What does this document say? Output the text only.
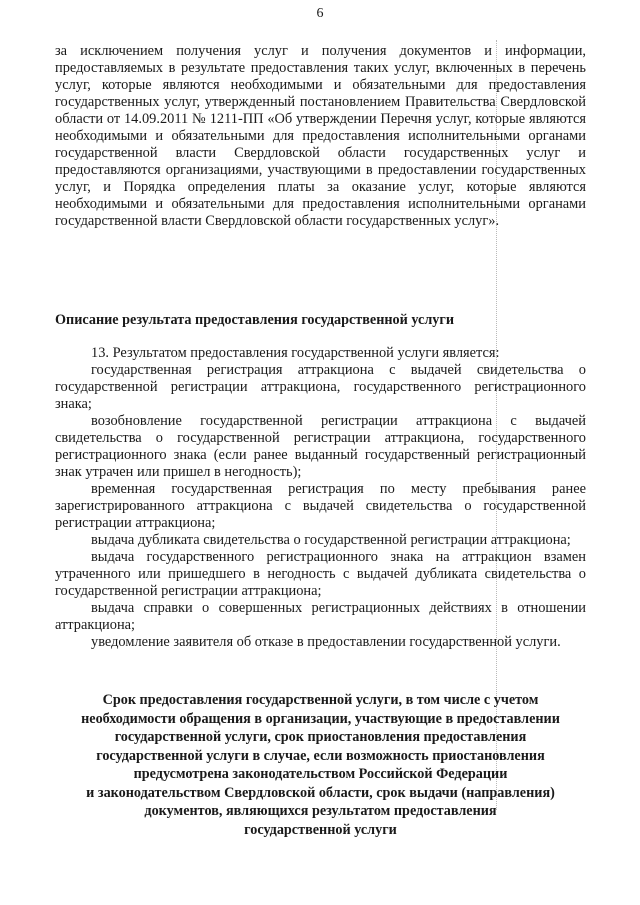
6

за исключением получения услуг и получения документов и информации, предоставляемых в результате предоставления таких услуг, включенных в перечень услуг, которые являются необходимыми и обязательными для предоставления государственных услуг, утвержденный постановлением Правительства Свердловской области от 14.09.2011 № 1211-ПП «Об утверждении Перечня услуг, которые являются необходимыми и обязательными для предоставления исполнительными органами государственной власти Свердловской области государственных услуг и предоставляются организациями, участвующими в предоставлении государственных услуг, и Порядка определения платы за оказание услуг, которые являются необходимыми и обязательными для предоставления исполнительными органами государственной власти Свердловской области государственных услуг».

Описание результата предоставления государственной услуги

13. Результатом предоставления государственной услуги является:

государственная регистрация аттракциона с выдачей свидетельства о государственной регистрации аттракциона, государственного регистрационного знака;

возобновление государственной регистрации аттракциона с выдачей свидетельства о государственной регистрации аттракциона, государственного регистрационного знака (если ранее выданный государственный регистрационный знак утрачен или пришел в негодность);

временная государственная регистрация по месту пребывания ранее зарегистрированного аттракциона с выдачей свидетельства о государственной регистрации аттракциона;

выдача дубликата свидетельства о государственной регистрации аттракциона;

выдача государственного регистрационного знака на аттракцион взамен утраченного или пришедшего в негодность с выдачей дубликата свидетельства о государственной регистрации аттракциона;

выдача справки о совершенных регистрационных действиях в отношении аттракциона;

уведомление заявителя об отказе в предоставлении государственной услуги.

Срок предоставления государственной услуги, в том числе с учетом
необходимости обращения в организации, участвующие в предоставлении
государственной услуги, срок приостановления предоставления
государственной услуги в случае, если возможность приостановления
предусмотрена законодательством Российской Федерации
и законодательством Свердловской области, срок выдачи (направления)
документов, являющихся результатом предоставления
государственной услуги
